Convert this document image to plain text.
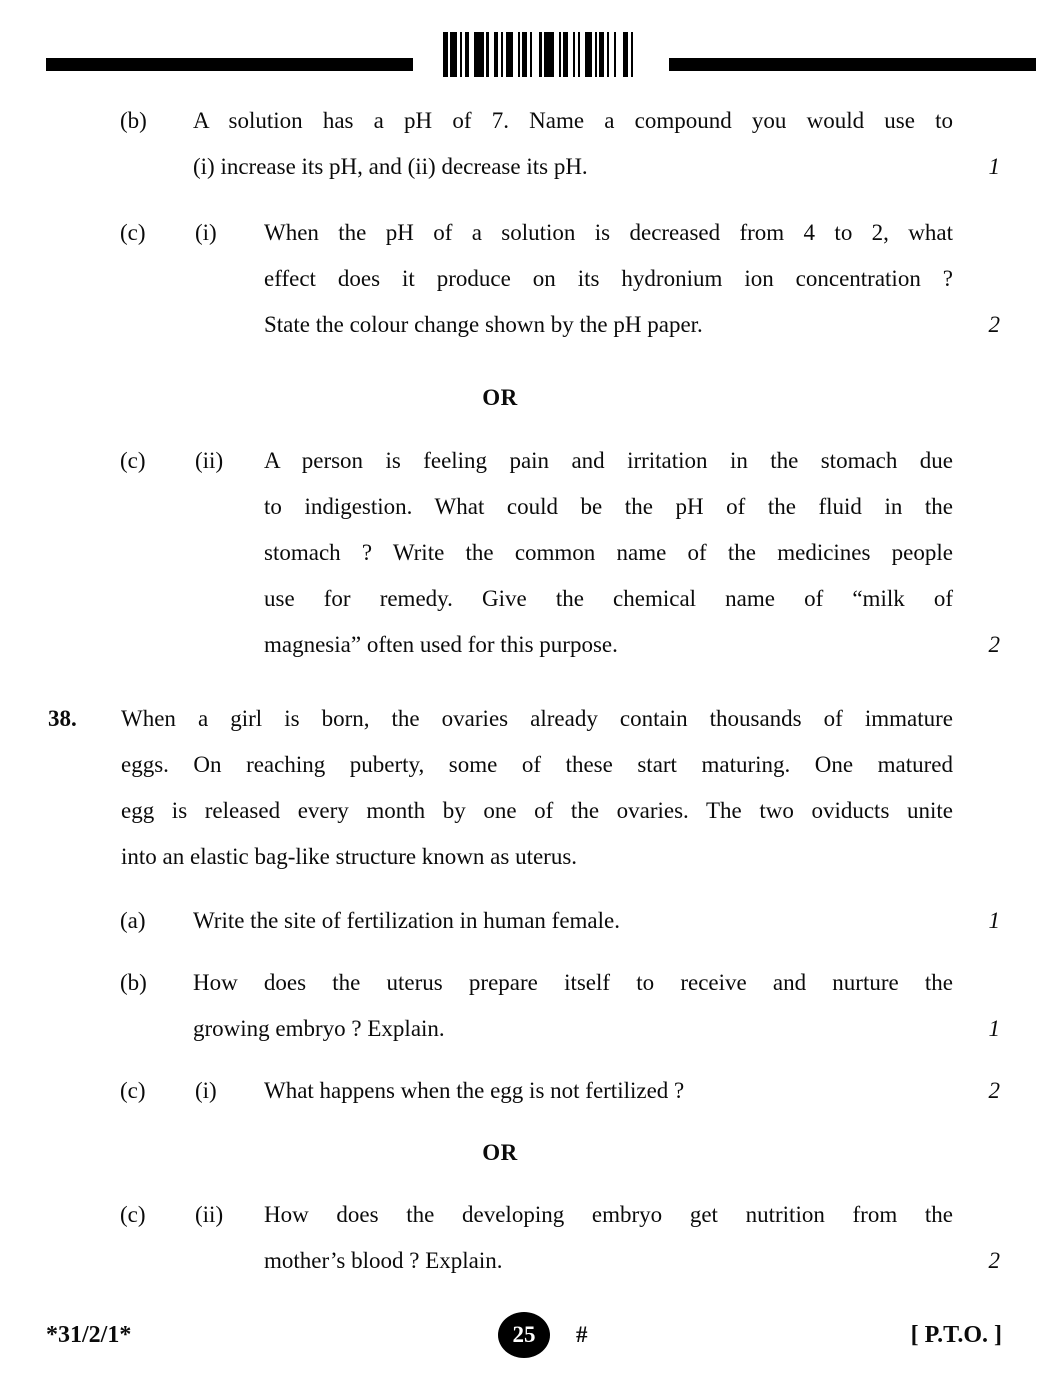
(b) A solution has a pH of 7. Name a compound you would use to
(i) increase its pH, and (ii) decrease its pH.	1
(c) (i) When the pH of a solution is decreased from 4 to 2, what
effect does it produce on its hydronium ion concentration ?
State the colour change shown by the pH paper.	2
OR
(c) (ii) A person is feeling pain and irritation in the stomach due
to indigestion. What could be the pH of the fluid in the
stomach ? Write the common name of the medicines people
use for remedy. Give the chemical name of “milk of
magnesia” often used for this purpose.	2
38. When a girl is born, the ovaries already contain thousands of immature
eggs. On reaching puberty, some of these start maturing. One matured
egg is released every month by one of the ovaries. The two oviducts unite
into an elastic bag-like structure known as uterus.
(a) Write the site of fertilization in human female.	1
(b) How does the uterus prepare itself to receive and nurture the
growing embryo ? Explain.	1
(c) (i) What happens when the egg is not fertilized ?	2
OR
(c) (ii) How does the developing embryo get nutrition from the
mother’s blood ? Explain.	2
*31/2/1*	25	#	[ P.T.O. ]
